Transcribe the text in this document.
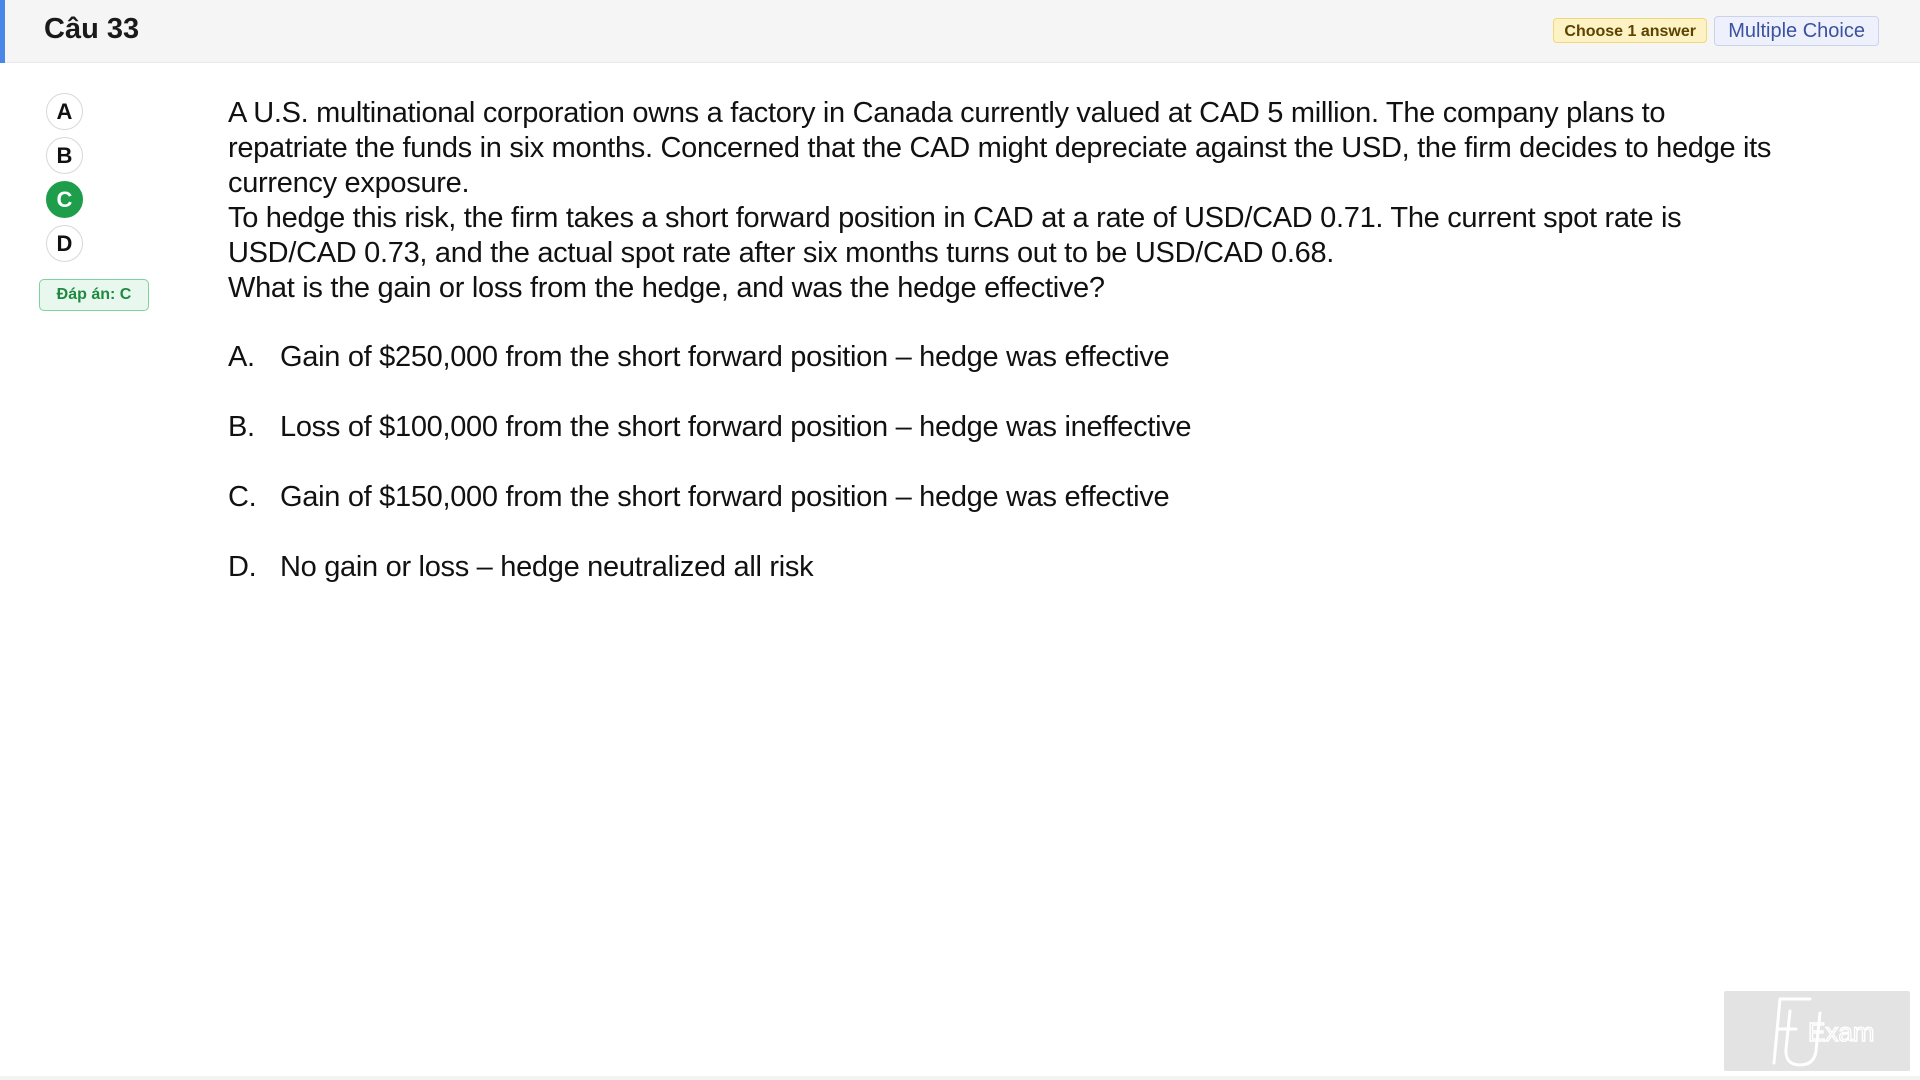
Câu 33	Choose 1 answer	Multiple Choice
A
B
C
D
Đáp án: C

A U.S. multinational corporation owns a factory in Canada currently valued at CAD 5 million. The company plans to repatriate the funds in six months. Concerned that the CAD might depreciate against the USD, the firm decides to hedge its currency exposure.

To hedge this risk, the firm takes a short forward position in CAD at a rate of USD/CAD 0.71. The current spot rate is USD/CAD 0.73, and the actual spot rate after six months turns out to be USD/CAD 0.68.

What is the gain or loss from the hedge, and was the hedge effective?

A. Gain of $250,000 from the short forward position – hedge was effective
B. Loss of $100,000 from the short forward position – hedge was ineffective
C. Gain of $150,000 from the short forward position – hedge was effective
D. No gain or loss – hedge neutralized all risk
Exam
